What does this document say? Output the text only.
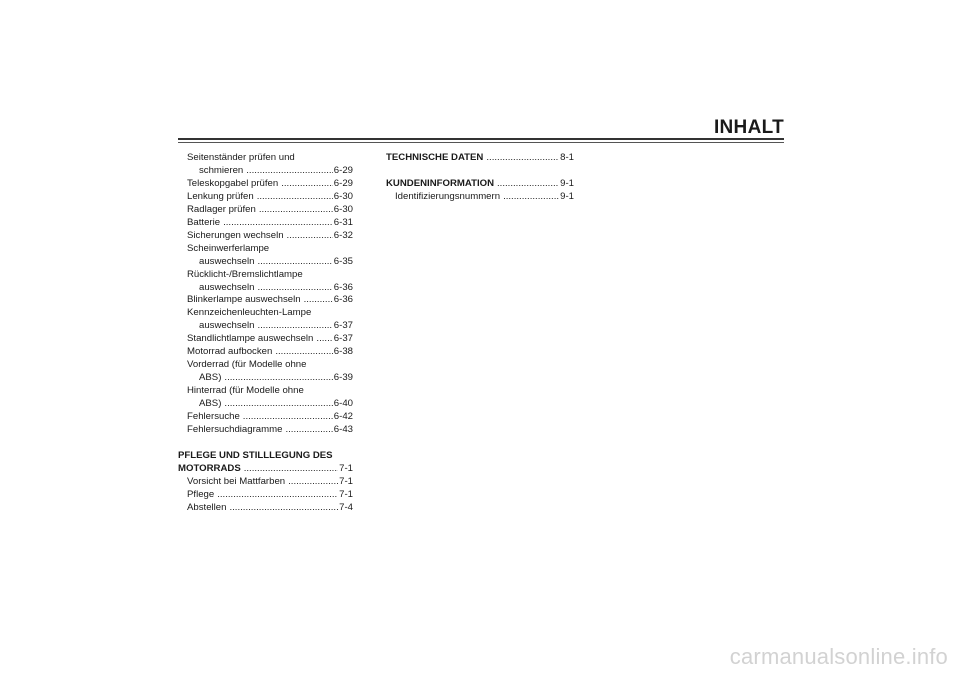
INHALT
Seitenständer prüfen und
schmieren .....	6-29
Teleskopgabel prüfen .....	6-29
Lenkung prüfen .....	6-30
Radlager prüfen .....	6-30
Batterie .....	6-31
Sicherungen wechseln .....	6-32
Scheinwerferlampe
auswechseln .....	6-35
Rücklicht-/Bremslichtlampe
auswechseln .....	6-36
Blinkerlampe auswechseln .....	6-36
Kennzeichenleuchten-Lampe
auswechseln .....	6-37
Standlichtlampe auswechseln ..... 6-37
Motorrad aufbocken .....	6-38
Vorderrad (für Modelle ohne
ABS) .....	6-39
Hinterrad (für Modelle ohne
ABS) .....	6-40
Fehlersuche .....	6-42
Fehlersuchdiagramme .....	6-43
PFLEGE UND STILLLEGUNG DES
MOTORRADS .....	7-1
Vorsicht bei Mattfarben .....	7-1
Pflege .....	7-1
Abstellen .....	7-4
TECHNISCHE DATEN .....	8-1
KUNDENINFORMATION .....	9-1
Identifizierungsnummern .....	9-1
carmanualsonline.info
